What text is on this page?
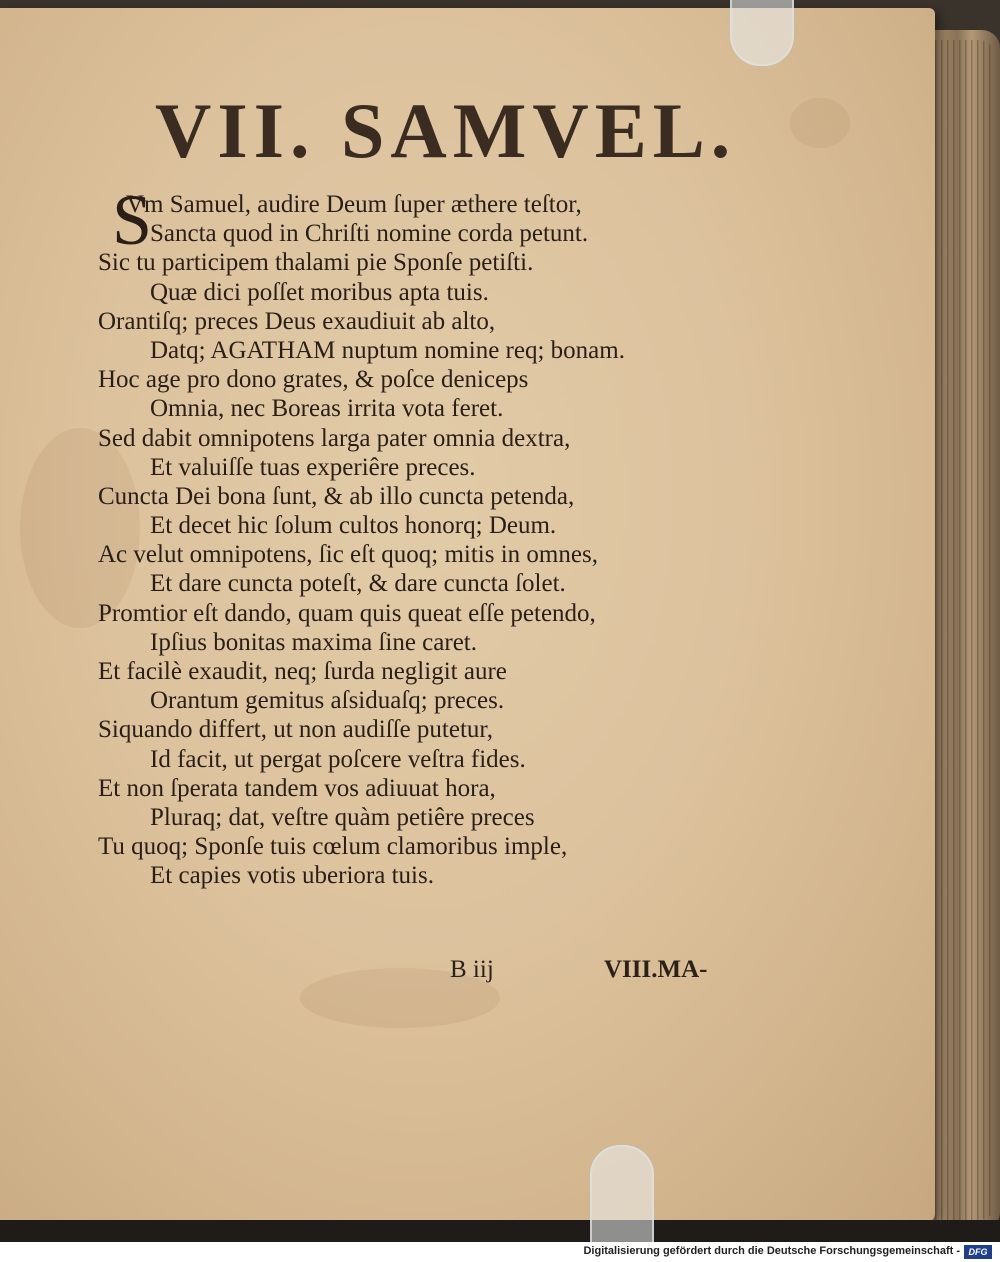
VII. SAMVEL.
S
Vm Samuel, audire Deum ſuper æthere teſtor,
Sancta quod in Chriſti nomine corda petunt.
Sic tu participem thalami pie Sponſe petiſti.
Quæ dici poſſet moribus apta tuis.
Orantiſq; preces Deus exaudiuit ab alto,
Datq; AGATHAM nuptum nomine req; bonam.
Hoc age pro dono grates, & poſce deniceps
Omnia, nec Boreas irrita vota feret.
Sed dabit omnipotens larga pater omnia dextra,
Et valuiſſe tuas experiêre preces.
Cuncta Dei bona ſunt, & ab illo cuncta petenda,
Et decet hic ſolum cultos honorq; Deum.
Ac velut omnipotens, ſic eſt quoq; mitis in omnes,
Et dare cuncta poteſt, & dare cuncta ſolet.
Promtior eſt dando, quam quis queat eſſe petendo,
Ipſius bonitas maxima ſine caret.
Et facilè exaudit, neq; ſurda negligit aure
Orantum gemitus aſsiduaſq; preces.
Siquando differt, ut non audiſſe putetur,
Id facit, ut pergat poſcere veſtra fides.
Et non ſperata tandem vos adiuuat hora,
Pluraq; dat, veſtre quàm petiêre preces
Tu quoq; Sponſe tuis cœlum clamoribus imple,
Et capies votis uberiora tuis.
B iij	VIII.MA-
Digitalisierung gefördert durch die Deutsche Forschungsgemeinschaft - DFG
